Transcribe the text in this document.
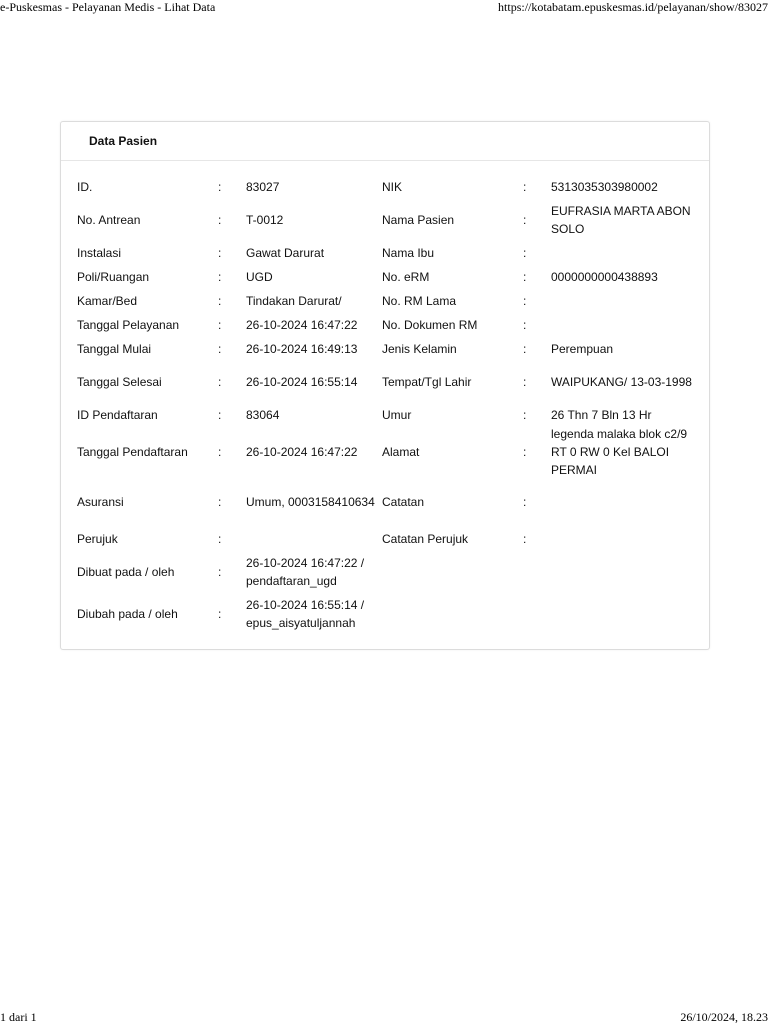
e-Puskesmas - Pelayanan Medis - Lihat Data	https://kotabatam.epuskesmas.id/pelayanan/show/83027
Data Pasien
ID.	: 83027	NIK	: 5313035303980002
No. Antrean	: T-0012	Nama Pasien	:
EUFRASIA MARTA ABON SOLO
Instalasi	: Gawat Darurat	Nama Ibu	:
Poli/Ruangan	: UGD	No. eRM	: 0000000000438893
Kamar/Bed	: Tindakan Darurat/	No. RM Lama	:
Tanggal Pelayanan	: 26-10-2024 16:47:22 No. Dokumen RM	:
Tanggal Mulai	: 26-10-2024 16:49:13 Jenis Kelamin	: Perempuan
Tanggal Selesai	: 26-10-2024 16:55:14 Tempat/Tgl Lahir	: WAIPUKANG/ 13-03-1998
ID Pendaftaran	: 83064	Umur	: 26 Thn 7 Bln 13 Hr
Tanggal Pendaftaran	: 26-10-2024 16:47:22 Alamat	:
legenda malaka blok c2/9 RT 0 RW 0 Kel BALOI PERMAI
Asuransi	: Umum, 0003158410634 Catatan	:
Perujuk	:	Catatan Perujuk	:
Dibuat pada / oleh	:
26-10-2024 16:47:22 / pendaftaran_ugd
Diubah pada / oleh	:
26-10-2024 16:55:14 / epus_aisyatuljannah
1 dari 1	26/10/2024, 18.23
